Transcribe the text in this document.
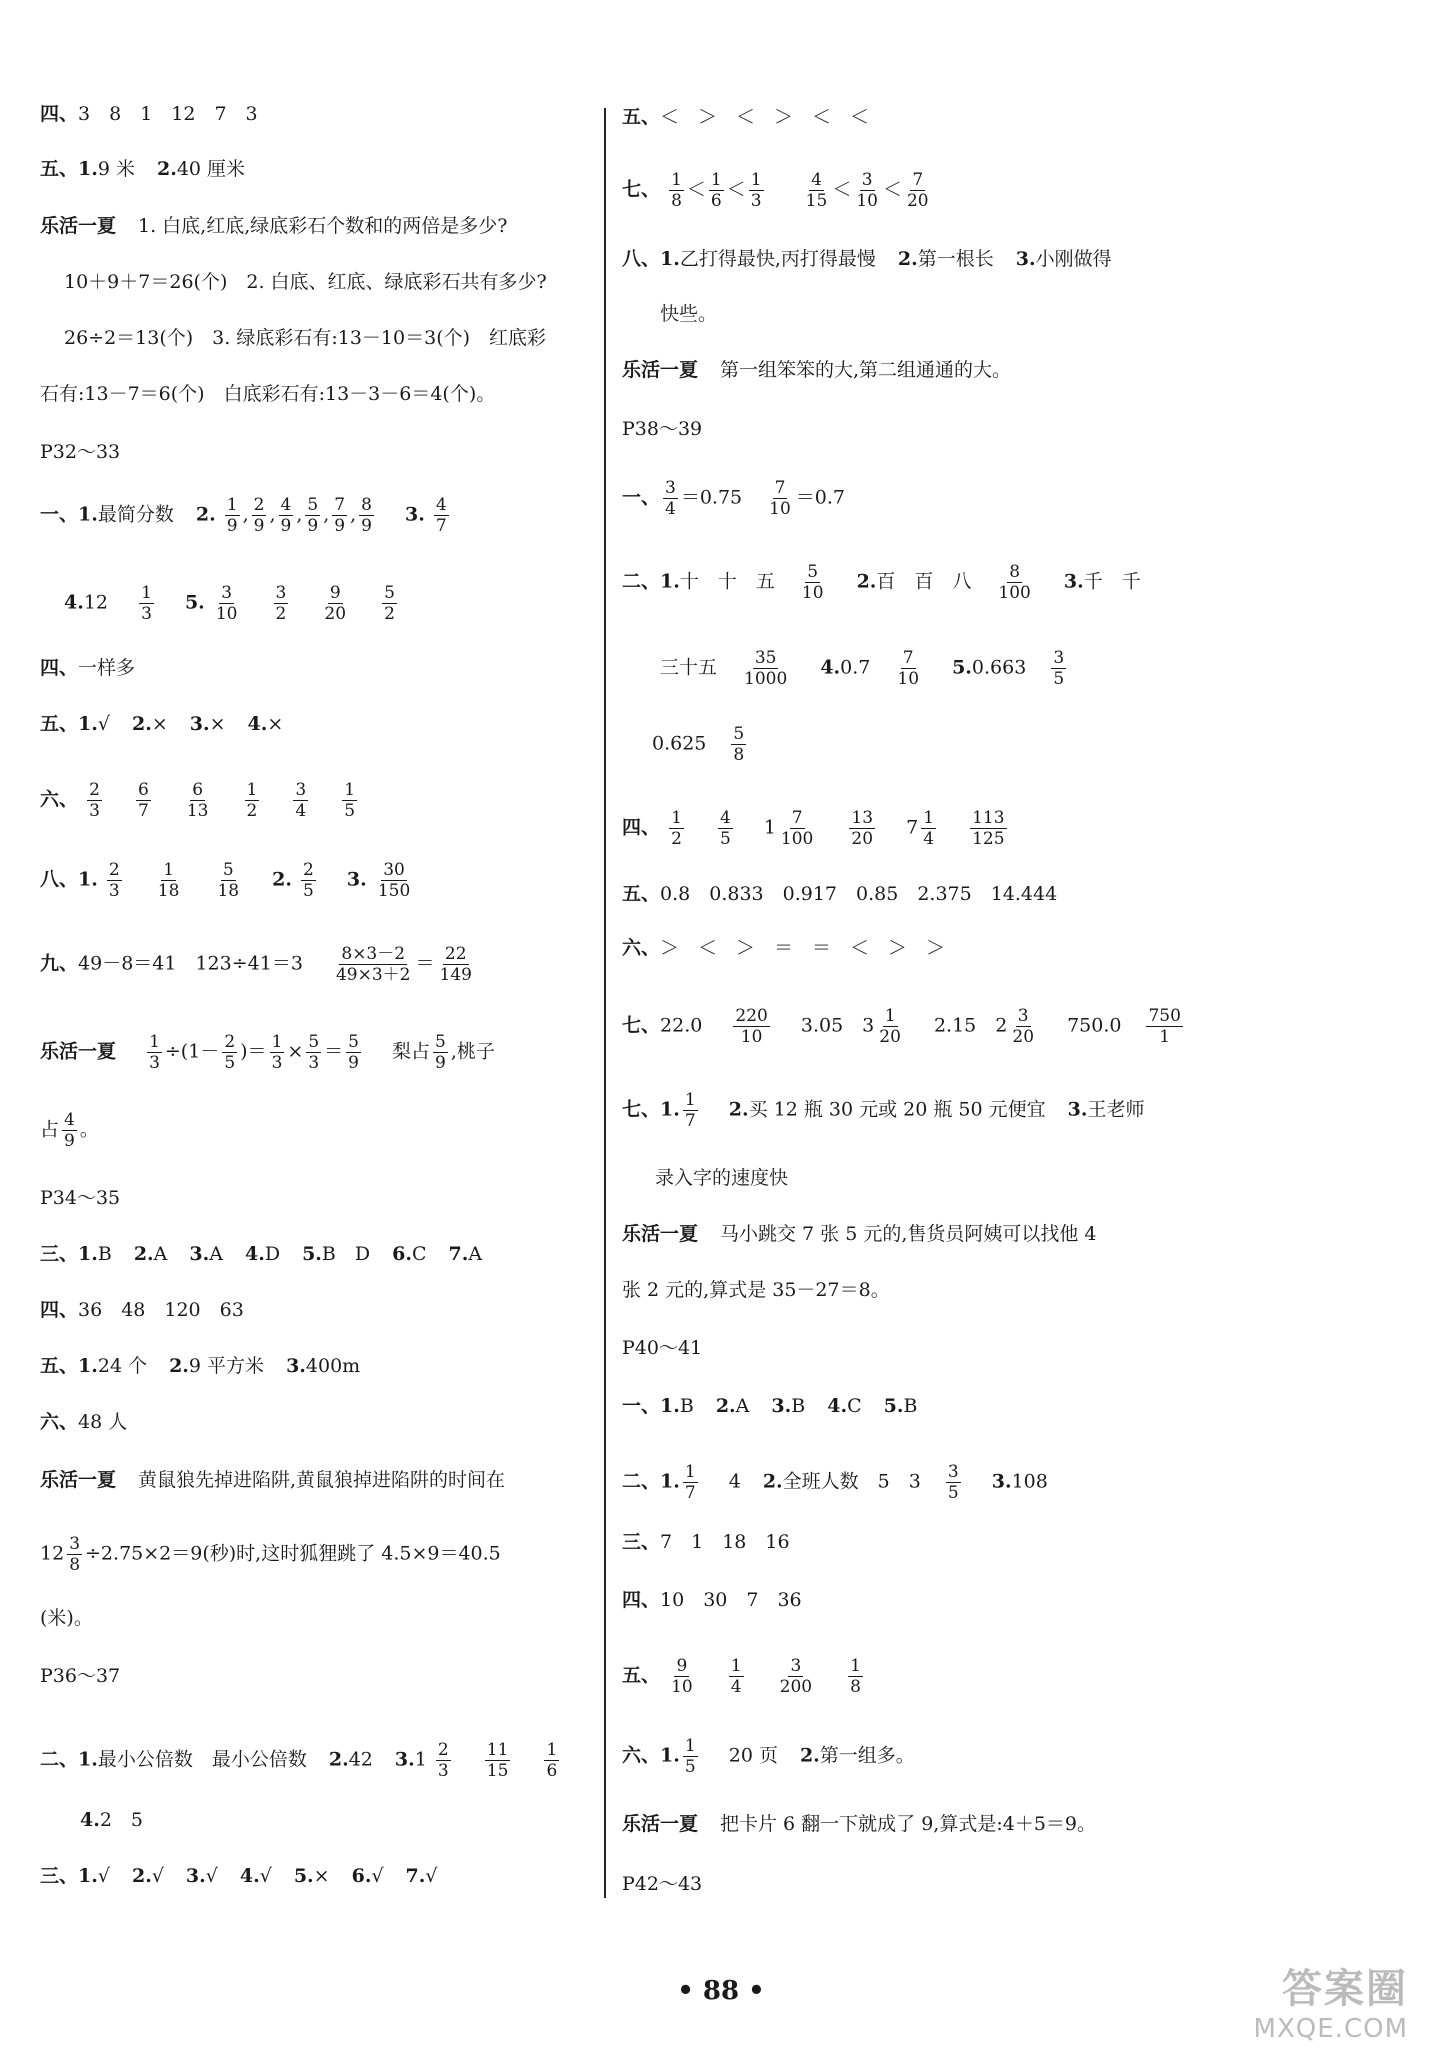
四、3　8　1　12　7　3
五、1.9 米 2.40 厘米
乐活一夏 1. 白底,红底,绿底彩石个数和的两倍是多少?
10＋9＋7＝26(个)　2. 白底、红底、绿底彩石共有多少?
26÷2＝13(个)　3. 绿底彩石有:13－10＝3(个)　红底彩
石有:13－7＝6(个)　白底彩石有:13－3－6＝4(个)。
P32～33
一、1.最简分数 2. $\frac{1}{9}$ , $\frac{2}{9}$ , $\frac{4}{9}$ , $\frac{5}{9}$ , $\frac{7}{9}$ , $\frac{8}{9} 3$. $\frac{4}{7}$
$4.12 \frac{1}{3} 5$. $\frac{3}{10}$
$\frac{3}{2}$
$\frac{9}{20}$
$\frac{5}{2}$
四、一样多
五、1.√ 2.× 3.× 4.×
六、 $\frac{2}{3}$
$\frac{6}{7}$
$\frac{6}{13}$
$\frac{1}{2}$
$\frac{3}{4}$
$\frac{1}{5}$
八、1. $\frac{2}{3}$
$\frac{1}{18}$
$\frac{5}{18} 2$. $\frac{2}{5} 3$. $\frac{30}{150}$
九、49－8＝41　$123\div 41=3 \frac{8\times 3-2}{49\times 3+2} = \frac{22}{149}$
乐活一夏 $\frac{1}{3} \div(1- \frac{2}{5}$ )＝ $\frac{1}{3} \times \frac{5}{3} = \frac{5}{9}$ 梨占 $\frac{5}{9}$ ,桃子
占 $\frac{4}{9}$ 。
P34～35
三、1.B 2.A 3.A 4.D 5.B　D 6.C 7.A
四、36　48　120　63
五、1.24 个 2.9 平方米 3.400m
六、48 人
乐活一夏 黄鼠狼先掉进陷阱,黄鼠狼掉进陷阱的时间在
$12 \frac{3}{8} \div 2.75\times 2=9$(秒)时,这时狐狸跳了 4.5×9＝40.5
(米)。
P36～37
二、1.最小公倍数　最小公倍数 2.42 $3.1 \frac{2}{3}$
$\frac{11}{15}$
$\frac{1}{6}$
4.2　5
三、1.√ 2.√ 3.√ 4.√ 5.× 6.√ 7.√
五、＜　＞　＜　＞　＜　＜
七、 $\frac{1}{8} < \frac{1}{6} < \frac{1}{3}$
$\frac{4}{15} < \frac{3}{10} < \frac{7}{20}$
八、1.乙打得最快,丙打得最慢 2.第一根长 3.小刚做得
快些。
乐活一夏 第一组笨笨的大,第二组通通的大。
P38～39
一、 $\frac{3}{4} =0.75 \frac{7}{10} =0.7$
二、1.十　十　五 $\frac{5}{10} 2$.百　百　八 $\frac{8}{100} 3$.千　千
三十五 $\frac{35}{1000} 4.0.7 \frac{7}{10} 5.0.663 \frac{3}{5}$
$0.625 \frac{5}{8}$
四、 $\frac{1}{2}$
$\frac{4}{5} 1 \frac{7}{100}$
$\frac{13}{20} 7 \frac{1}{4}$
$\frac{113}{125}$
五、0.8　0.833　0.917　0.85　2.375　14.444
六、＞　＜　＞　＝　＝　＜　＞　＞
七、$22.0 \frac{220}{10} 3.05$　$3 \frac{1}{20} 2.15$　$2 \frac{3}{20} 750.0 \frac{750}{1}$
七、1. $\frac{1}{7} 2$.买 12 瓶 30 元或 20 瓶 50 元便宜 3.王老师
录入字的速度快
乐活一夏 马小跳交 7 张 5 元的,售货员阿姨可以找他 4
张 2 元的,算式是 35－27＝8。
P40～41
一、1.B 2.A 3.B 4.C 5.B
二、1. $\frac{1}{7} 4$ 2.全班人数　5　$3 \frac{3}{5} 3.108$
三、7　1　18　16
四、10　30　7　36
五、 $\frac{9}{10}$
$\frac{1}{4}$
$\frac{3}{200}$
$\frac{1}{8}$
六、1. $\frac{1}{5} 20$ 页 2.第一组多。
乐活一夏 把卡片 6 翻一下就成了 9,算式是:4＋5＝9。
P42～43
• 88 •	答案圈
MXQE.COM
